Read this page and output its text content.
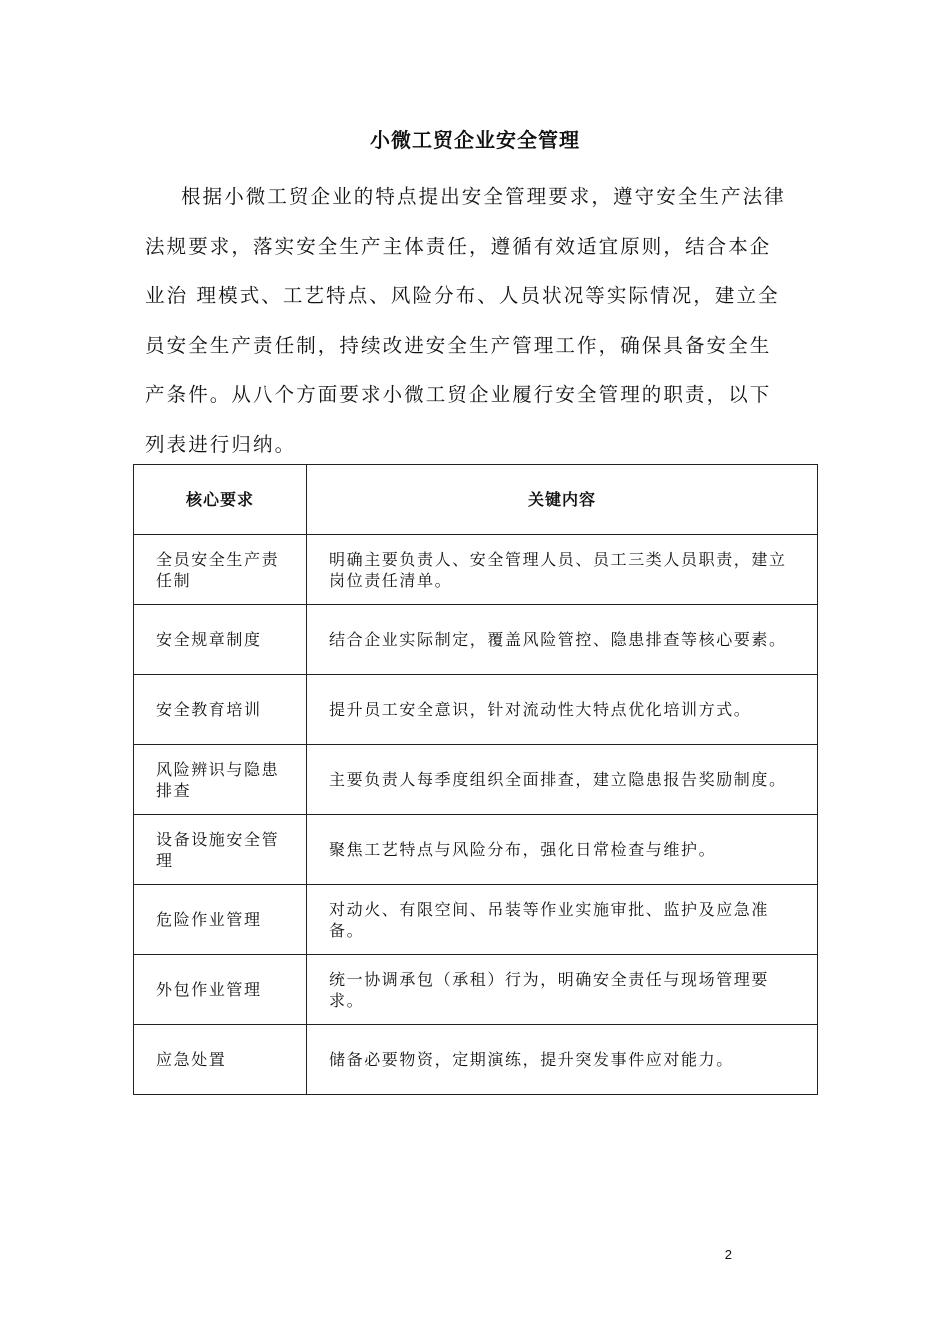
小微工贸企业安全管理
根据小微工贸企业的特点提出安全管理要求，遵守安全生产法律
法规要求，落实安全生产主体责任，遵循有效适宜原则，结合本企
业治 理模式、工艺特点、风险分布、人员状况等实际情况，建立全
员安全生产责任制，持续改进安全生产管理工作，确保具备安全生
产条件。从八个方面要求小微工贸企业履行安全管理的职责，以下
列表进行归纳。
核心要求	关键内容
全员安全生产责任制	明确主要负责人、安全管理人员、员工三类人员职责，建立岗位责任清单。
安全规章制度	结合企业实际制定，覆盖风险管控、隐患排查等核心要素。
安全教育培训	提升员工安全意识，针对流动性大特点优化培训方式。
风险辨识与隐患排查	主要负责人每季度组织全面排查，建立隐患报告奖励制度。
设备设施安全管理	聚焦工艺特点与风险分布，强化日常检查与维护。
危险作业管理	对动火、有限空间、吊装等作业实施审批、监护及应急准备。
外包作业管理	统一协调承包（承租）行为，明确安全责任与现场管理要求。
应急处置	储备必要物资，定期演练，提升突发事件应对能力。
2
